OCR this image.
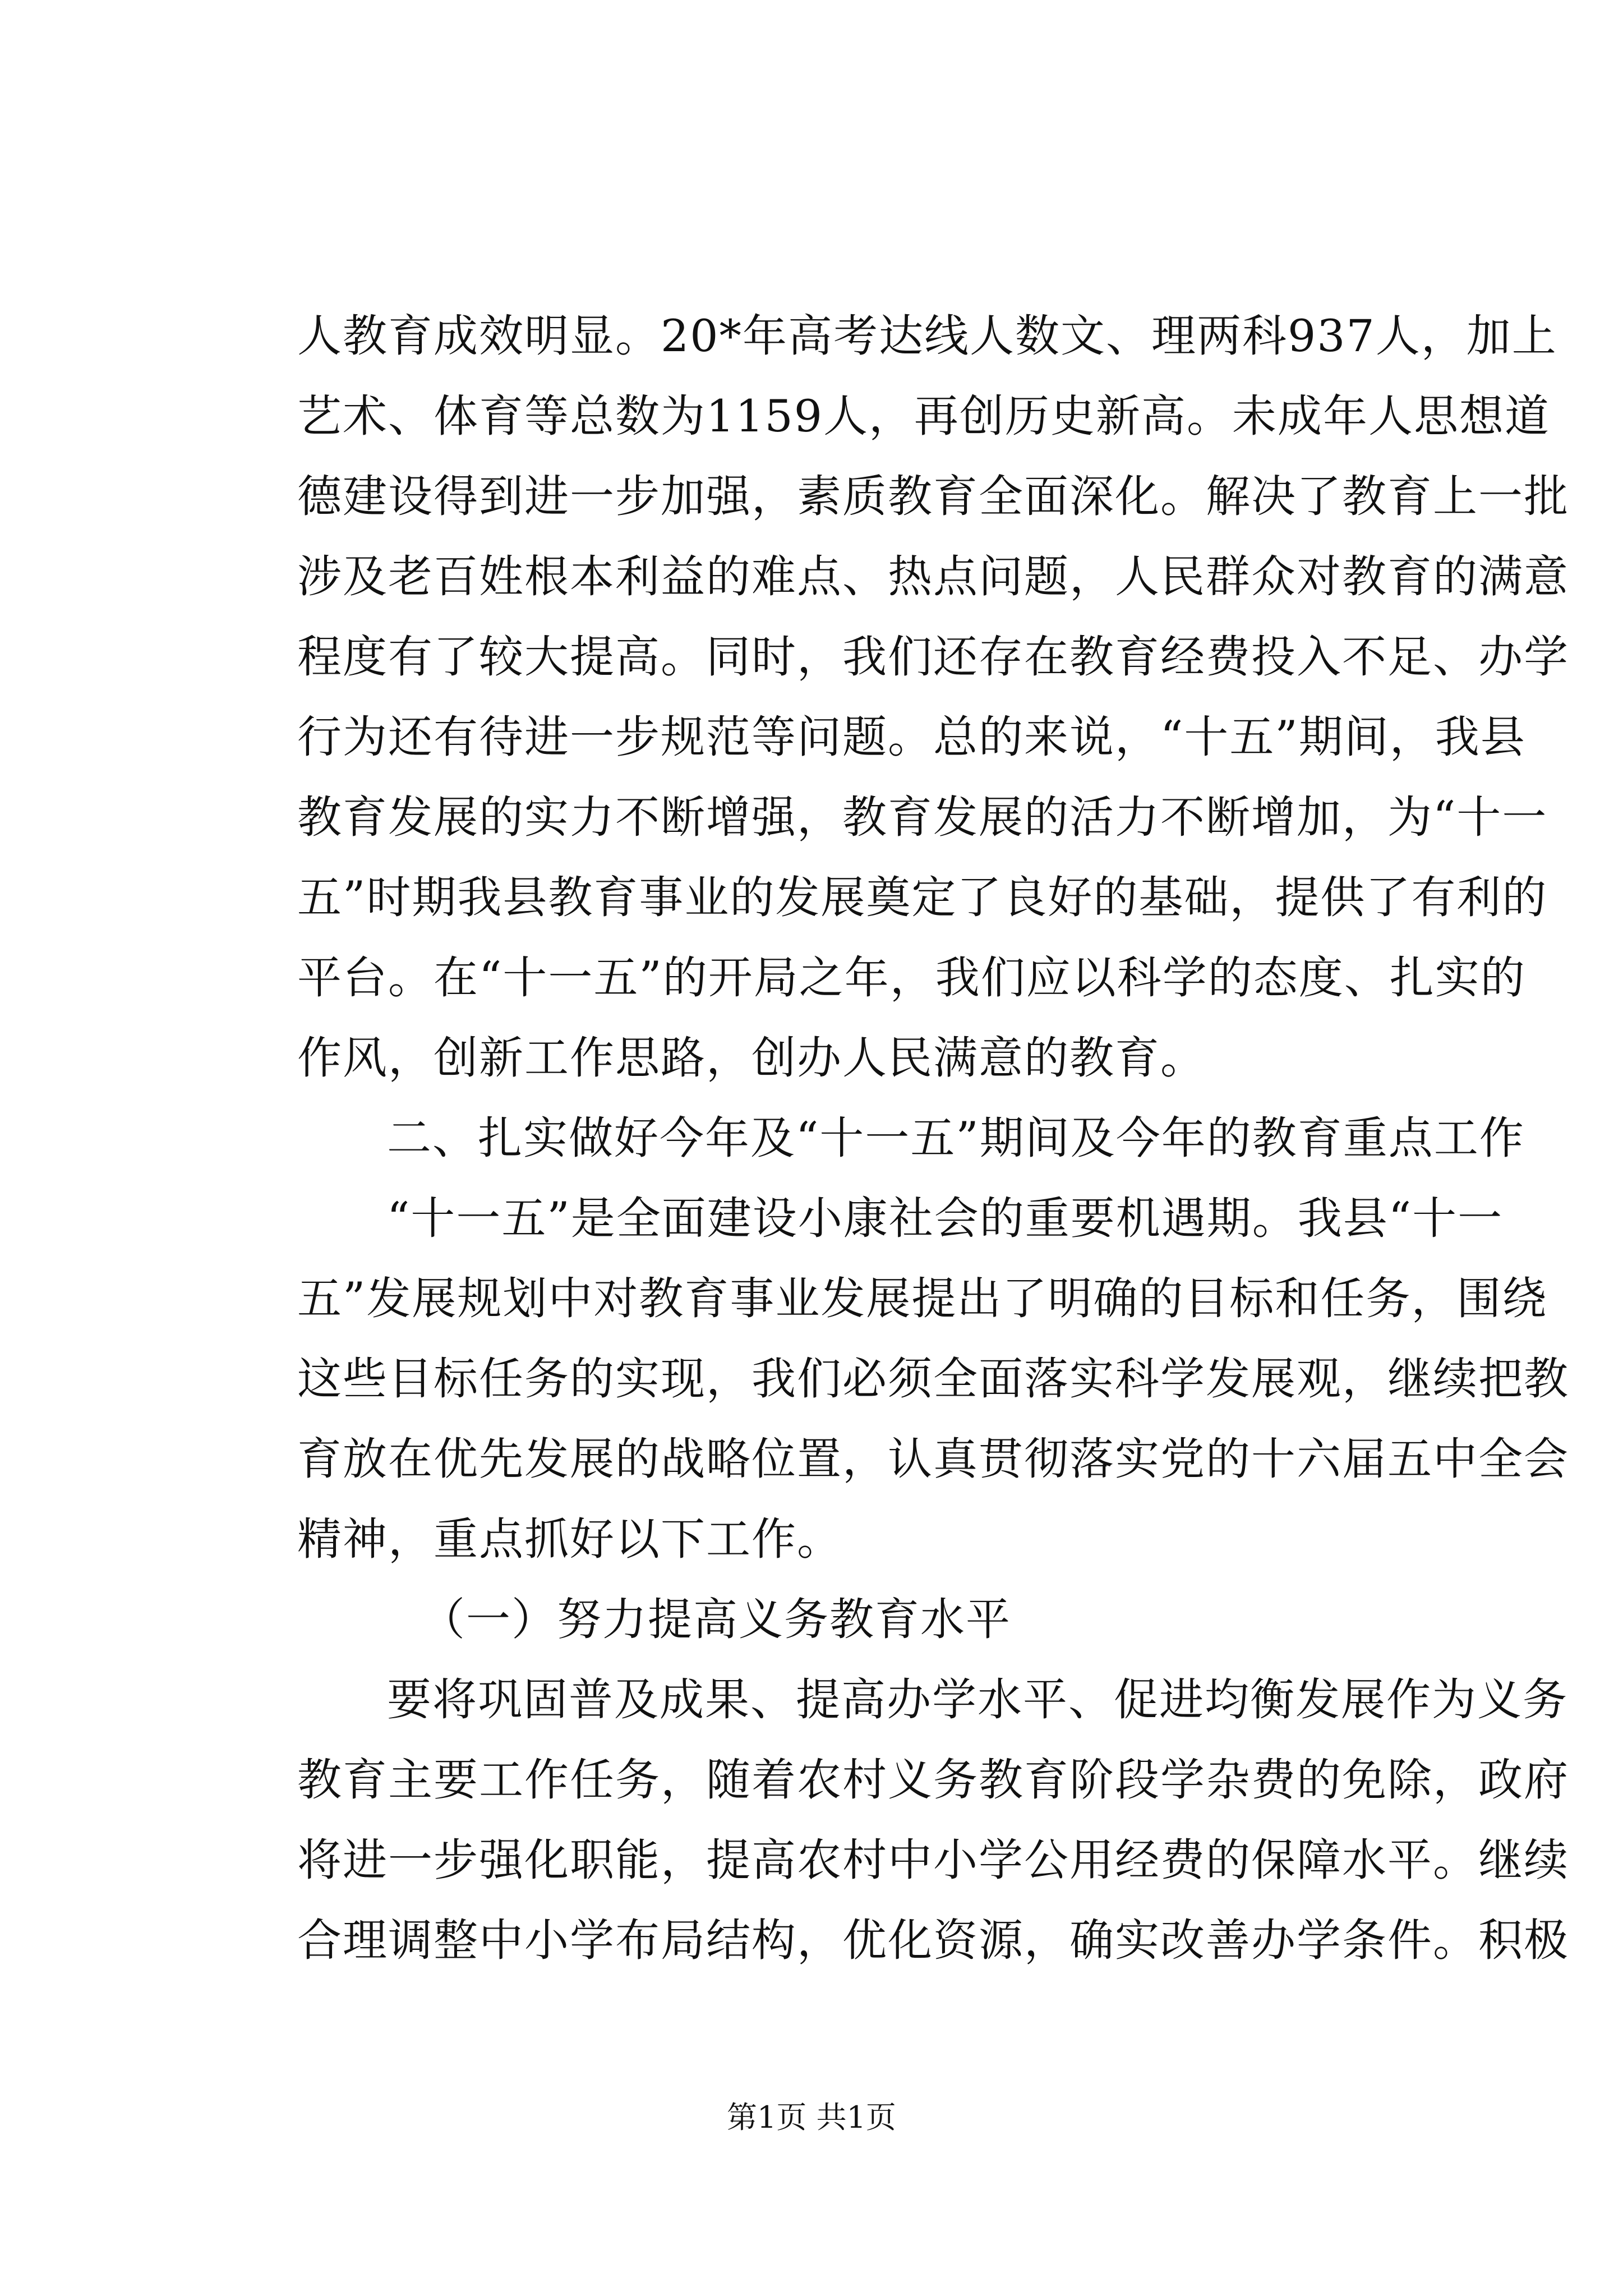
人教育成效明显。20*年高考达线人数文、理两科937人，加上
艺术、体育等总数为1159人，再创历史新高。未成年人思想道
德建设得到进一步加强，素质教育全面深化。解决了教育上一批
涉及老百姓根本利益的难点、热点问题，人民群众对教育的满意
程度有了较大提高。同时，我们还存在教育经费投入不足、办学
行为还有待进一步规范等问题。总的来说，“十五”期间，我县
教育发展的实力不断增强，教育发展的活力不断增加，为“十一
五”时期我县教育事业的发展奠定了良好的基础，提供了有利的
平台。在“十一五”的开局之年，我们应以科学的态度、扎实的
作风，创新工作思路，创办人民满意的教育。
二、扎实做好今年及“十一五”期间及今年的教育重点工作
“十一五”是全面建设小康社会的重要机遇期。我县“十一
五”发展规划中对教育事业发展提出了明确的目标和任务，围绕
这些目标任务的实现，我们必须全面落实科学发展观，继续把教
育放在优先发展的战略位置，认真贯彻落实党的十六届五中全会
精神，重点抓好以下工作。
（一）努力提高义务教育水平
要将巩固普及成果、提高办学水平、促进均衡发展作为义务
教育主要工作任务，随着农村义务教育阶段学杂费的免除，政府
将进一步强化职能，提高农村中小学公用经费的保障水平。继续
合理调整中小学布局结构，优化资源，确实改善办学条件。积极
第1页 共1页
